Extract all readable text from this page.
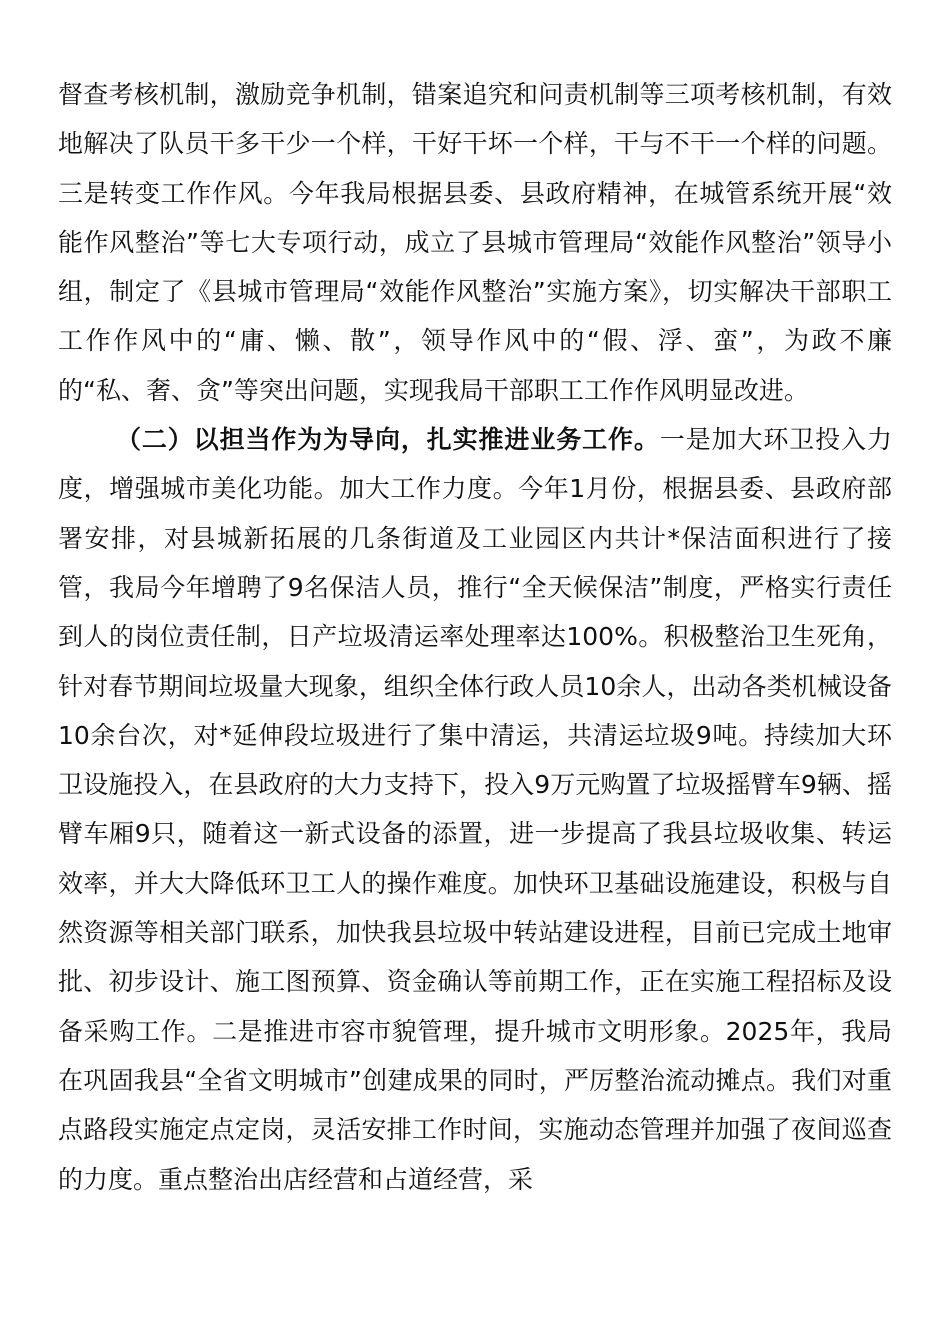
督查考核机制，激励竞争机制，错案追究和问责机制等三项考核机制，有效地解决了队员干多干少一个样，干好干坏一个样，干与不干一个样的问题。三是转变工作作风。今年我局根据县委、县政府精神，在城管系统开展“效能作风整治”等七大专项行动，成立了县城市管理局“效能作风整治”领导小组，制定了《县城市管理局“效能作风整治”实施方案》，切实解决干部职工工作作风中的“庸、懒、散”，领导作风中的“假、浮、蛮”，为政不廉的“私、奢、贪”等突出问题，实现我局干部职工工作作风明显改进。

（二）以担当作为为导向，扎实推进业务工作。一是加大环卫投入力度，增强城市美化功能。加大工作力度。今年1月份，根据县委、县政府部署安排，对县城新拓展的几条街道及工业园区内共计*保洁面积进行了接管，我局今年增聘了9名保洁人员，推行“全天候保洁”制度，严格实行责任到人的岗位责任制，日产垃圾清运率处理率达100%。积极整治卫生死角，针对春节期间垃圾量大现象，组织全体行政人员10余人，出动各类机械设备10余台次，对*延伸段垃圾进行了集中清运，共清运垃圾9吨。持续加大环卫设施投入，在县政府的大力支持下，投入9万元购置了垃圾摇臂车9辆、摇臂车厢9只，随着这一新式设备的添置，进一步提高了我县垃圾收集、转运效率，并大大降低环卫工人的操作难度。加快环卫基础设施建设，积极与自然资源等相关部门联系，加快我县垃圾中转站建设进程，目前已完成土地审批、初步设计、施工图预算、资金确认等前期工作，正在实施工程招标及设备采购工作。二是推进市容市貌管理，提升城市文明形象。2025年，我局在巩固我县“全省文明城市”创建成果的同时，严厉整治流动摊点。我们对重点路段实施定点定岗，灵活安排工作时间，实施动态管理并加强了夜间巡查的力度。重点整治出店经营和占道经营，采
